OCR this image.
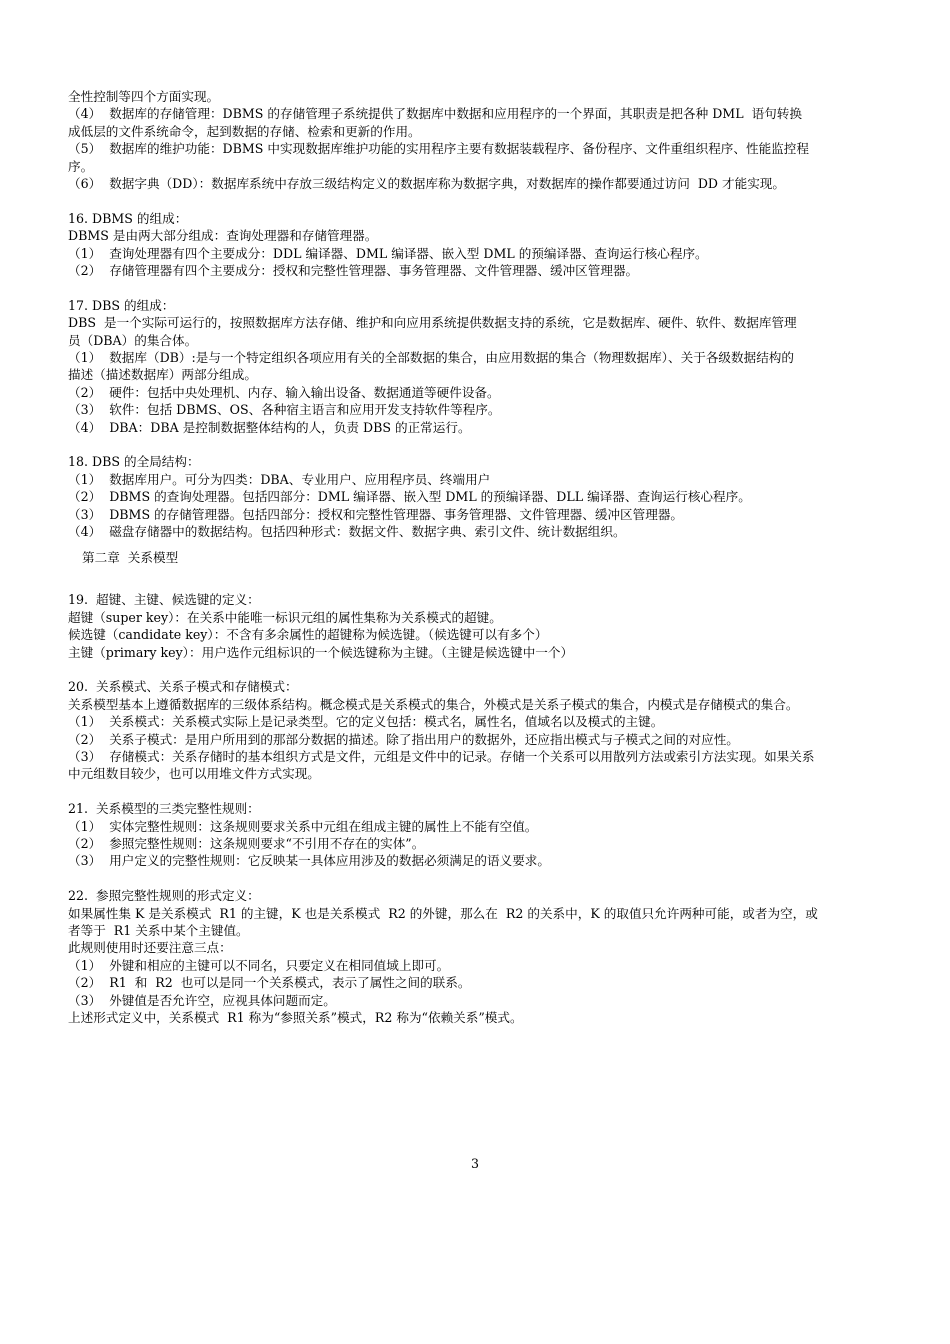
全性控制等四个方面实现。
（4）  数据库的存储管理：DBMS 的存储管理子系统提供了数据库中数据和应用程序的一个界面，其职责是把各种 DML  语句转换
成低层的文件系统命令，起到数据的存储、检索和更新的作用。
（5）  数据库的维护功能：DBMS 中实现数据库维护功能的实用程序主要有数据装载程序、备份程序、文件重组织程序、性能监控程
序。
（6）  数据字典（DD）：数据库系统中存放三级结构定义的数据库称为数据字典，对数据库的操作都要通过访问  DD 才能实现。
16. DBMS 的组成：
DBMS 是由两大部分组成：查询处理器和存储管理器。
（1）  查询处理器有四个主要成分：DDL 编译器、DML 编译器、嵌入型 DML 的预编译器、查询运行核心程序。
（2）  存储管理器有四个主要成分：授权和完整性管理器、事务管理器、文件管理器、缓冲区管理器。
17. DBS 的组成：
DBS  是一个实际可运行的，按照数据库方法存储、维护和向应用系统提供数据支持的系统，它是数据库、硬件、软件、数据库管理
员（DBA）的集合体。
（1）  数据库（DB）:是与一个特定组织各项应用有关的全部数据的集合，由应用数据的集合（物理数据库）、关于各级数据结构的
描述（描述数据库）两部分组成。
（2）  硬件：包括中央处理机、内存、输入输出设备、数据通道等硬件设备。
（3）  软件：包括 DBMS、OS、各种宿主语言和应用开发支持软件等程序。
（4）  DBA：DBA 是控制数据整体结构的人，负责 DBS 的正常运行。
18. DBS 的全局结构：
（1）  数据库用户。可分为四类：DBA、专业用户、应用程序员、终端用户
（2）  DBMS 的查询处理器。包括四部分：DML 编译器、嵌入型 DML 的预编译器、DLL 编译器、查询运行核心程序。
（3）  DBMS 的存储管理器。包括四部分：授权和完整性管理器、事务管理器、文件管理器、缓冲区管理器。
（4）  磁盘存储器中的数据结构。包括四种形式：数据文件、数据字典、索引文件、统计数据组织。
第二章  关系模型
19.  超键、主键、候选键的定义：
超键（super key）：在关系中能唯一标识元组的属性集称为关系模式的超键。
候选键（candidate key）：不含有多余属性的超键称为候选键。（候选键可以有多个）
主键（primary key）：用户选作元组标识的一个候选键称为主键。（主键是候选键中一个）
20.  关系模式、关系子模式和存储模式：
关系模型基本上遵循数据库的三级体系结构。概念模式是关系模式的集合，外模式是关系子模式的集合，内模式是存储模式的集合。
（1）  关系模式：关系模式实际上是记录类型。它的定义包括：模式名，属性名，值域名以及模式的主键。
（2）  关系子模式：是用户所用到的那部分数据的描述。除了指出用户的数据外，还应指出模式与子模式之间的对应性。
（3）  存储模式：关系存储时的基本组织方式是文件，元组是文件中的记录。存储一个关系可以用散列方法或索引方法实现。如果关系
中元组数目较少，也可以用堆文件方式实现。
21.  关系模型的三类完整性规则：
（1）  实体完整性规则：这条规则要求关系中元组在组成主键的属性上不能有空值。
（2）  参照完整性规则：这条规则要求“不引用不存在的实体”。
（3）  用户定义的完整性规则：它反映某一具体应用涉及的数据必须满足的语义要求。
22.  参照完整性规则的形式定义：
如果属性集 K 是关系模式  R1 的主键，K 也是关系模式  R2 的外键，那么在  R2 的关系中，K 的取值只允许两种可能，或者为空，或
者等于  R1 关系中某个主键值。
此规则使用时还要注意三点：
（1）  外键和相应的主键可以不同名，只要定义在相同值域上即可。
（2）  R1  和  R2  也可以是同一个关系模式，表示了属性之间的联系。
（3）  外键值是否允许空，应视具体问题而定。
上述形式定义中，关系模式  R1 称为“参照关系”模式，R2 称为“依赖关系”模式。
3
